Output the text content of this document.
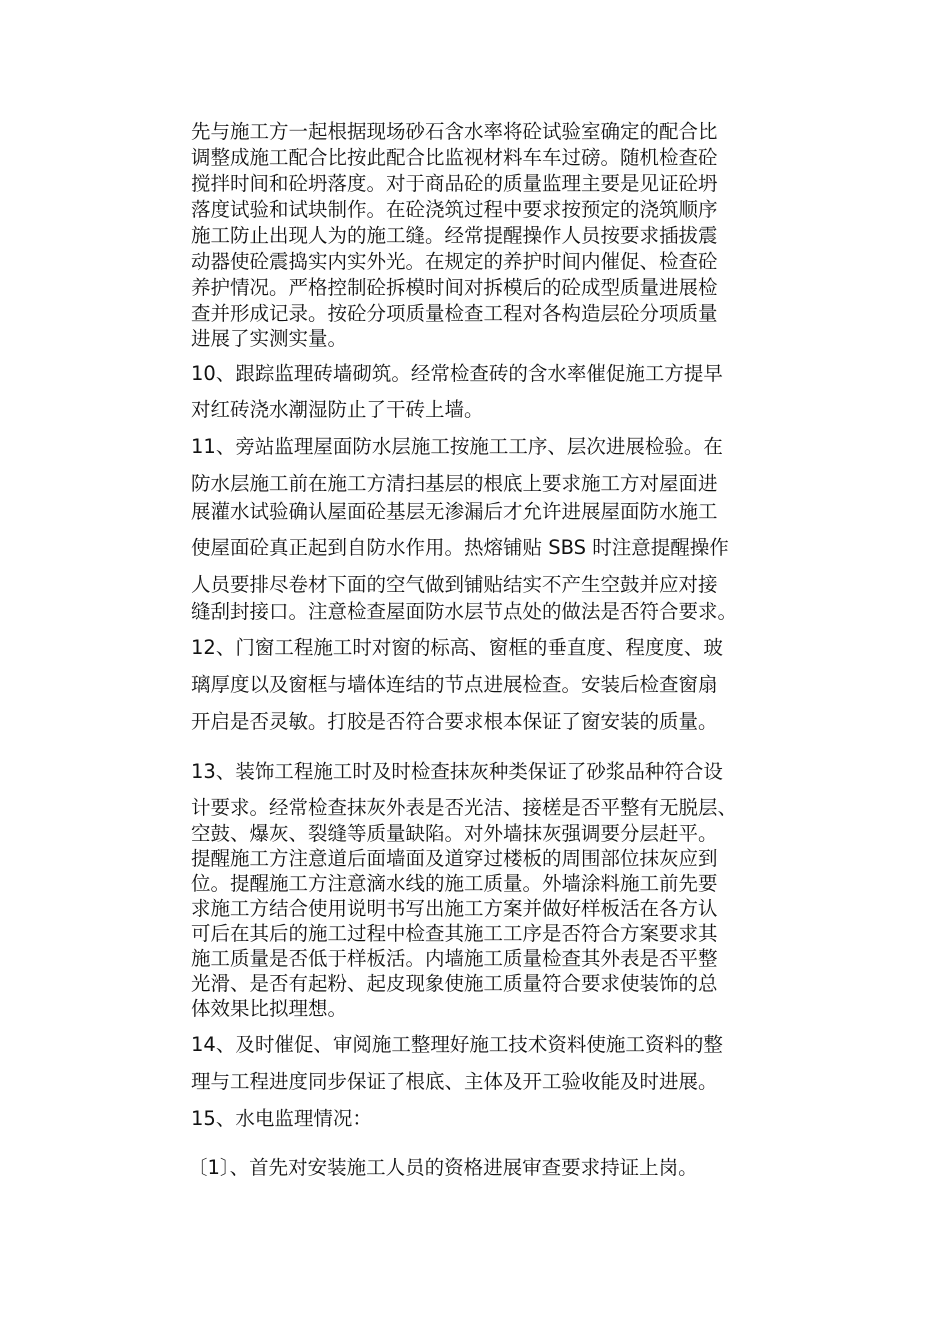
先与施工方一起根据现场砂石含水率将砼试验室确定的配合比

调整成施工配合比按此配合比监视材料车车过磅。随机检查砼

搅拌时间和砼坍落度。对于商品砼的质量监理主要是见证砼坍

落度试验和试块制作。在砼浇筑过程中要求按预定的浇筑顺序

施工防止出现人为的施工缝。经常提醒操作人员按要求插拔震

动器使砼震捣实内实外光。在规定的养护时间内催促、检查砼

养护情况。严格控制砼拆模时间对拆模后的砼成型质量进展检

查并形成记录。按砼分项质量检查工程对各构造层砼分项质量

进展了实测实量。

10、跟踪监理砖墙砌筑。经常检查砖的含水率催促施工方提早

对红砖浇水潮湿防止了干砖上墙。

11、旁站监理屋面防水层施工按施工工序、层次进展检验。在

防水层施工前在施工方清扫基层的根底上要求施工方对屋面进

展灌水试验确认屋面砼基层无渗漏后才允许进展屋面防水施工

使屋面砼真正起到自防水作用。热熔铺贴 SBS 时注意提醒操作

人员要排尽卷材下面的空气做到铺贴结实不产生空鼓并应对接

缝刮封接口。注意检查屋面防水层节点处的做法是否符合要求。

12、门窗工程施工时对窗的标高、窗框的垂直度、程度度、玻

璃厚度以及窗框与墙体连结的节点进展检查。安装后检查窗扇

开启是否灵敏。打胶是否符合要求根本保证了窗安装的质量。

13、装饰工程施工时及时检查抹灰种类保证了砂浆品种符合设

计要求。经常检查抹灰外表是否光洁、接槎是否平整有无脱层、

空鼓、爆灰、裂缝等质量缺陷。对外墙抹灰强调要分层赶平。

提醒施工方注意道后面墙面及道穿过楼板的周围部位抹灰应到

位。提醒施工方注意滴水线的施工质量。外墙涂料施工前先要

求施工方结合使用说明书写出施工方案并做好样板活在各方认

可后在其后的施工过程中检查其施工工序是否符合方案要求其

施工质量是否低于样板活。内墙施工质量检查其外表是否平整

光滑、是否有起粉、起皮现象使施工质量符合要求使装饰的总

体效果比拟理想。

14、及时催促、审阅施工整理好施工技术资料使施工资料的整

理与工程进度同步保证了根底、主体及开工验收能及时进展。

15、水电监理情况：

〔1〕、首先对安装施工人员的资格进展审查要求持证上岗。
